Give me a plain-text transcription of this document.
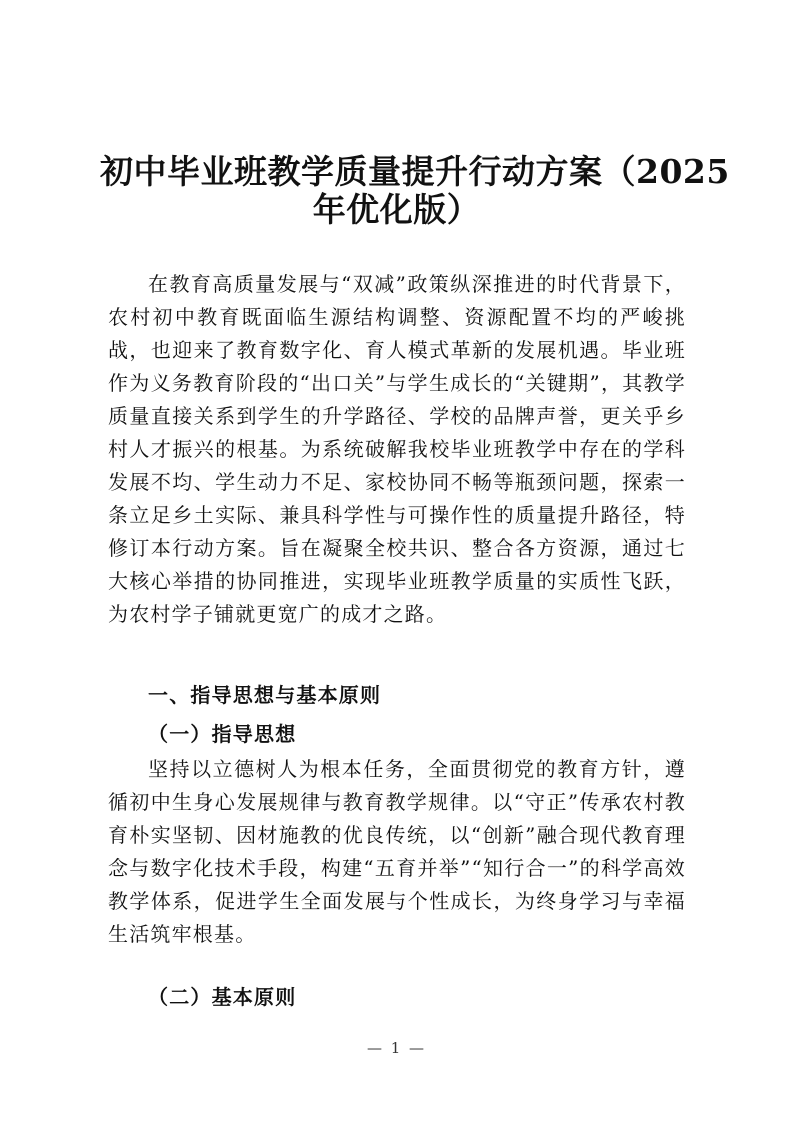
初中毕业班教学质量提升行动方案（2025
年优化版）

在教育高质量发展与“双减”政策纵深推进的时代背景下，农村初中教育既面临生源结构调整、资源配置不均的严峻挑战，也迎来了教育数字化、育人模式革新的发展机遇。毕业班作为义务教育阶段的“出口关”与学生成长的“关键期”，其教学质量直接关系到学生的升学路径、学校的品牌声誉，更关乎乡村人才振兴的根基。为系统破解我校毕业班教学中存在的学科发展不均、学生动力不足、家校协同不畅等瓶颈问题，探索一条立足乡土实际、兼具科学性与可操作性的质量提升路径，特修订本行动方案。旨在凝聚全校共识、整合各方资源，通过七大核心举措的协同推进，实现毕业班教学质量的实质性飞跃，为农村学子铺就更宽广的成才之路。

一、指导思想与基本原则
（一）指导思想

坚持以立德树人为根本任务，全面贯彻党的教育方针，遵循初中生身心发展规律与教育教学规律。以“守正”传承农村教育朴实坚韧、因材施教的优良传统，以“创新”融合现代教育理念与数字化技术手段，构建“五育并举”“知行合一”的科学高效教学体系，促进学生全面发展与个性成长，为终身学习与幸福生活筑牢根基。

（二）基本原则
— 1 —
